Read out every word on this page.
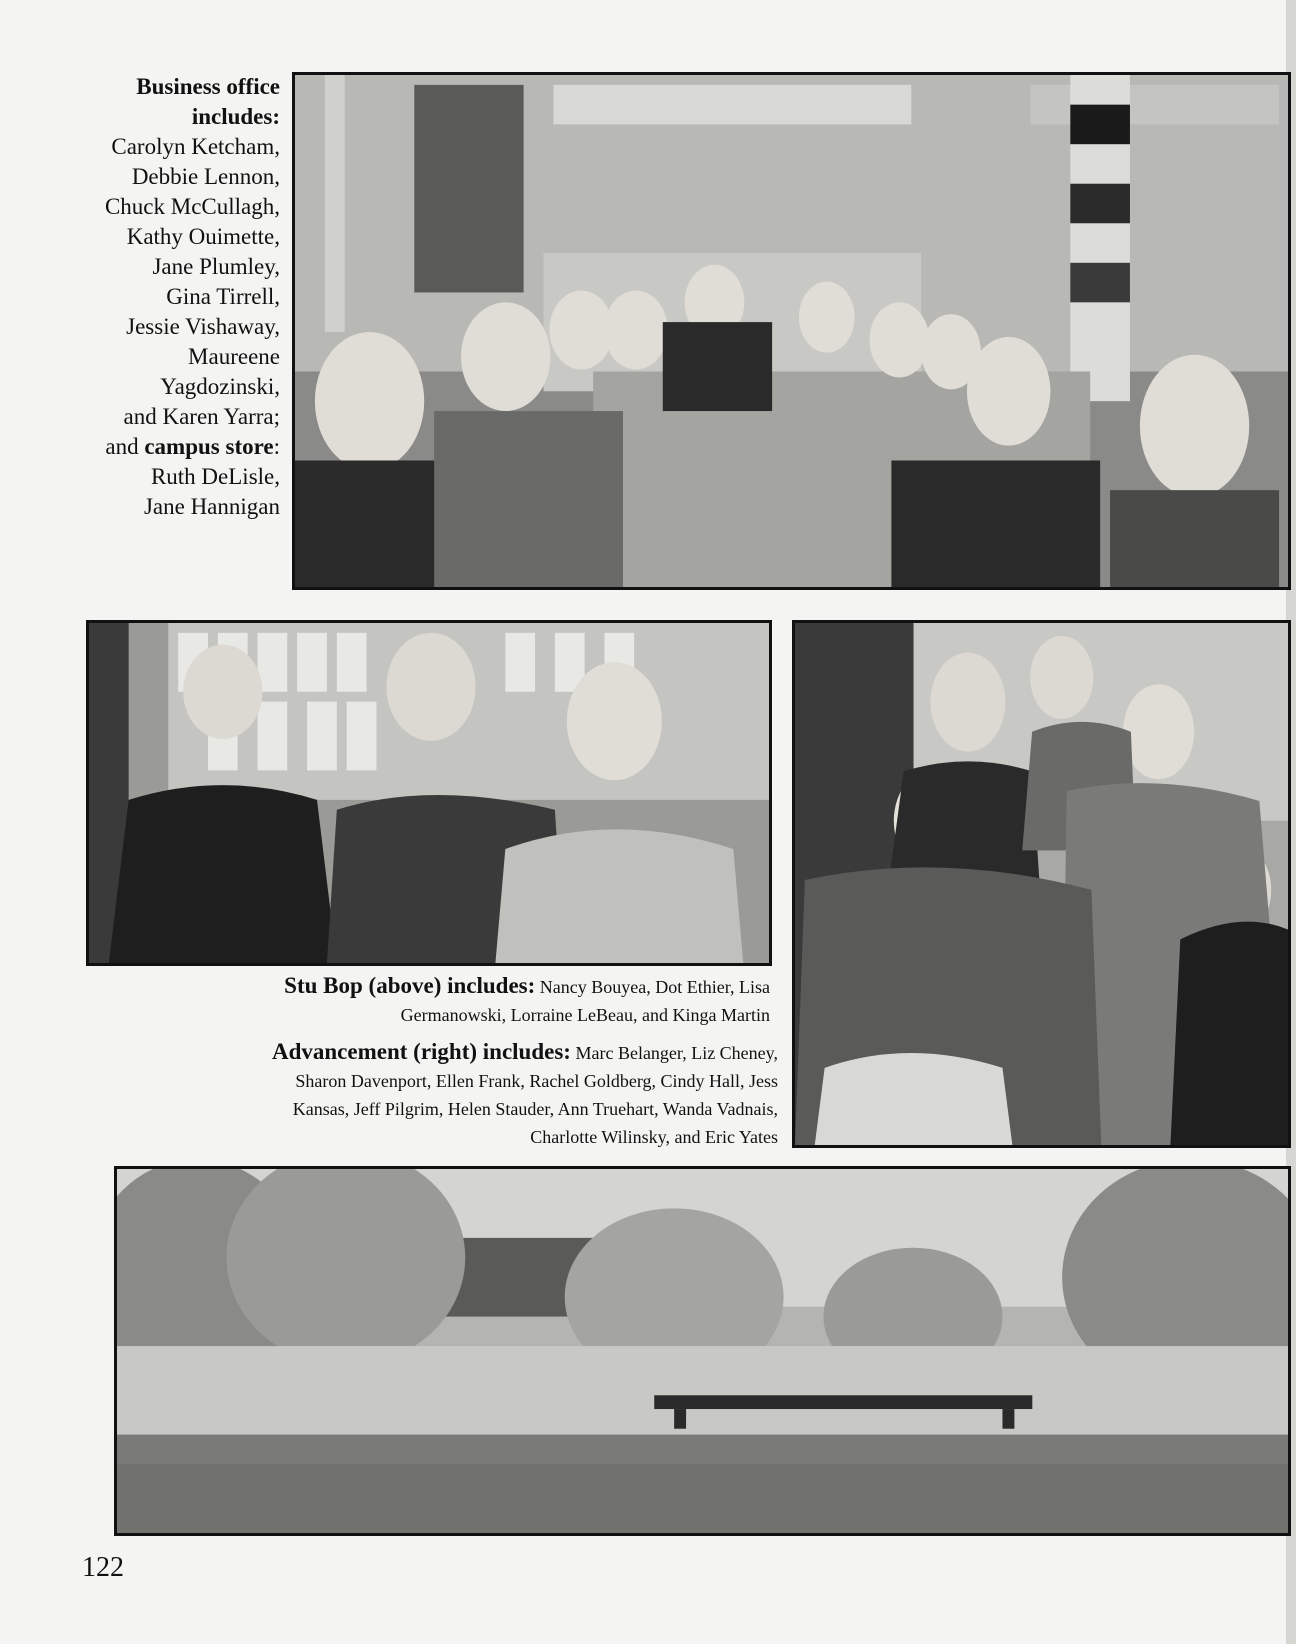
Business office
includes:
Carolyn Ketcham,
Debbie Lennon,
Chuck McCullagh,
Kathy Ouimette,
Jane Plumley,
Gina Tirrell,
Jessie Vishaway,
Maureene
Yagdozinski,
and Karen Yarra;
and campus store:
Ruth DeLisle,
Jane Hannigan
Stu Bop (above) includes: Nancy Bouyea, Dot Ethier, Lisa
Germanowski, Lorraine LeBeau, and Kinga Martin
Advancement (right) includes: Marc Belanger, Liz Cheney,
Sharon Davenport, Ellen Frank, Rachel Goldberg, Cindy Hall, Jess
Kansas, Jeff Pilgrim, Helen Stauder, Ann Truehart, Wanda Vadnais,
Charlotte Wilinsky, and Eric Yates
122
